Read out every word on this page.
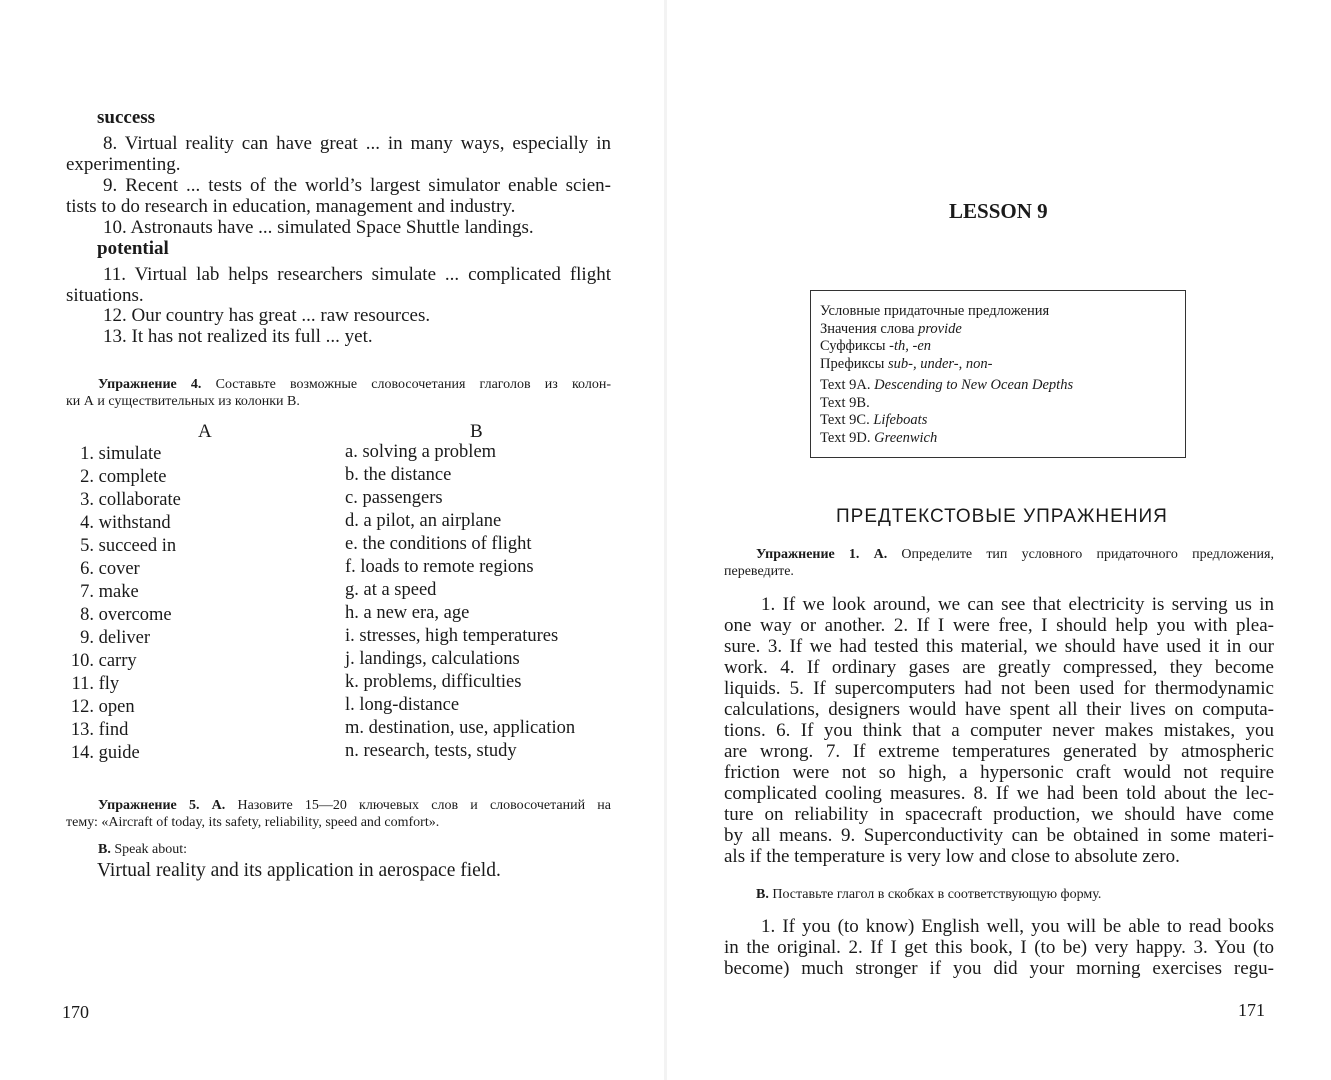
success
8. Virtual reality can have great ... in many ways, especially in
experimenting.
9. Recent ... tests of the world’s largest simulator enable scien-
tists to do research in education, management and industry.
10. Astronauts have ... simulated Space Shuttle landings.
potential
11. Virtual lab helps researchers simulate ... complicated flight
situations.
12. Our country has great ... raw resources.
13. It has not realized its full ... yet.
Упражнение 4. Составьте возможные словосочетания глаголов из колон-
ки А и существительных из колонки В.
A	B
1. simulate
2. complete
3. collaborate
4. withstand
5. succeed in
6. cover
7. make
8. overcome
9. deliver
10. carry
11. fly
12. open
13. find
14. guide
a. solving a problem
b. the distance
c. passengers
d. a pilot, an airplane
e. the conditions of flight
f. loads to remote regions
g. at a speed
h. a new era, age
i. stresses, high temperatures
j. landings, calculations
k. problems, difficulties
l. long-distance
m. destination, use, application
n. research, tests, study
Упражнение 5. А. Назовите 15—20 ключевых слов и словосочетаний на
тему: «Aircraft of today, its safety, reliability, speed and comfort».
B. Speak about:
Virtual reality and its application in aerospace field.
170
LESSON 9
Условные придаточные предложения
Значения слова provide
Суффиксы -th, -en
Префиксы sub-, under-, non-
Text 9A. Descending to New Ocean Depths
Text 9B.
Text 9C. Lifeboats
Text 9D. Greenwich
ПРЕДТЕКСТОВЫЕ УПРАЖНЕНИЯ
Упражнение 1. А. Определите тип условного придаточного предложения,
переведите.
1. If we look around, we can see that electricity is serving us in
one way or another. 2. If I were free, I should help you with plea-
sure. 3. If we had tested this material, we should have used it in our
work. 4. If ordinary gases are greatly compressed, they become
liquids. 5. If supercomputers had not been used for thermodynamic
calculations, designers would have spent all their lives on computa-
tions. 6. If you think that a computer never makes mistakes, you
are wrong. 7. If extreme temperatures generated by atmospheric
friction were not so high, a hypersonic craft would not require
complicated cooling measures. 8. If we had been told about the lec-
ture on reliability in spacecraft production, we should have come
by all means. 9. Superconductivity can be obtained in some materi-
als if the temperature is very low and close to absolute zero.
B. Поставьте глагол в скобках в соответствующую форму.
1. If you (to know) English well, you will be able to read books
in the original. 2. If I get this book, I (to be) very happy. 3. You (to
become) much stronger if you did your morning exercises regu-
171
